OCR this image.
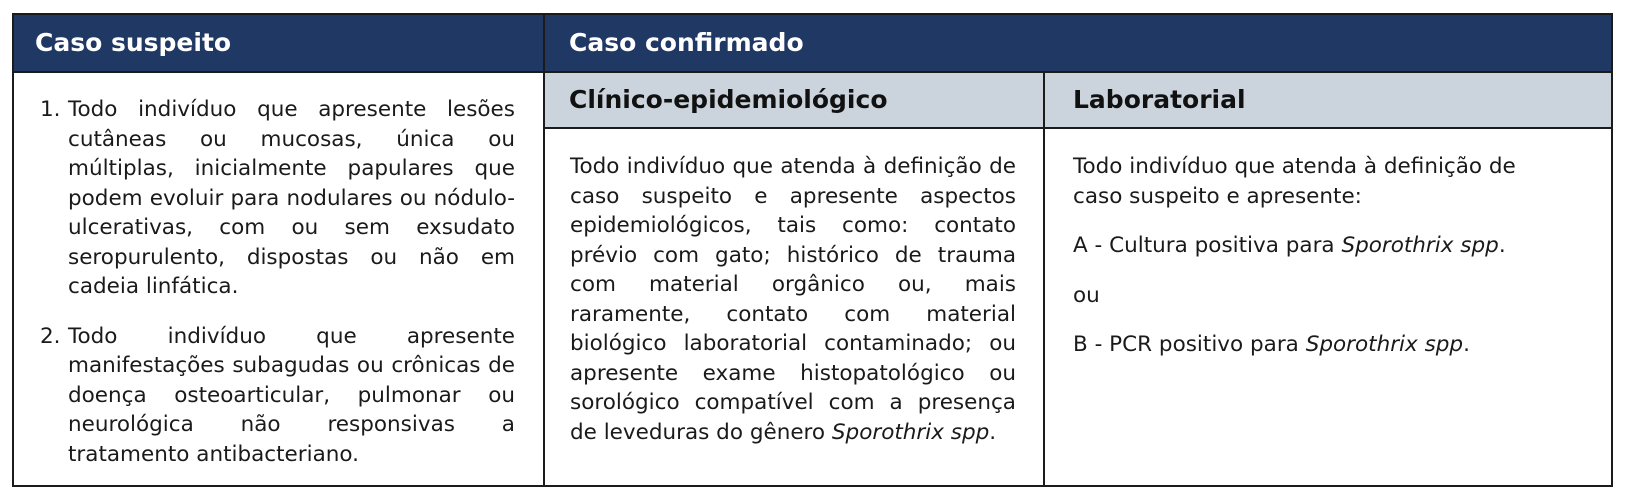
Caso suspeito	Caso confirmado
Clínico-epidemiológico	Laboratorial
1. Todo indivíduo que apresente lesões cutâneas ou mucosas, única ou múltiplas, inicialmente papulares que podem evoluir para nodulares ou nódulo-ulcerativas, com ou sem exsudato seropurulento, dispostas ou não em cadeia linfática.
2. Todo indivíduo que apresente manifestações subagudas ou crônicas de doença osteoarticular, pulmonar ou neurológica não responsivas a tratamento antibacteriano.

Todo indivíduo que atenda à definição de caso suspeito e apresente aspectos epidemiológicos, tais como: contato prévio com gato; histórico de trauma com material orgânico ou, mais raramente, contato com material biológico laboratorial contaminado; ou apresente exame histopatológico ou sorológico compatível com a presença de leveduras do gênero Sporothrix spp.

Todo indivíduo que atenda à definição de caso suspeito e apresente:

A - Cultura positiva para Sporothrix spp.

ou

B - PCR positivo para Sporothrix spp.
